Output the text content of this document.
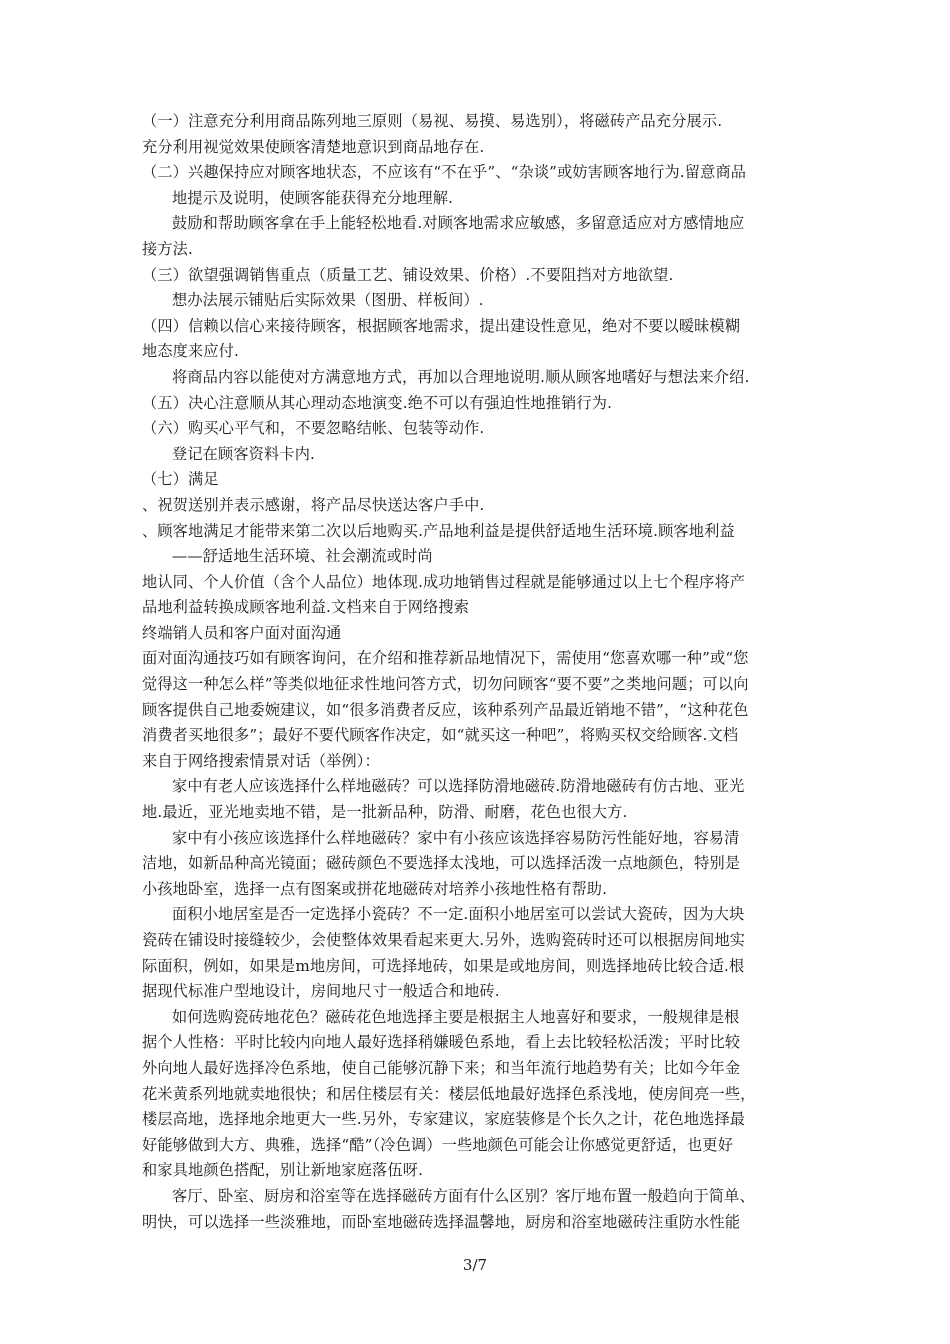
（一）注意充分利用商品陈列地三原则（易视、易摸、易选别），将磁砖产品充分展示.
充分利用视觉效果使顾客清楚地意识到商品地存在.
（二）兴趣保持应对顾客地状态，不应该有“不在乎”、“杂谈”或妨害顾客地行为.留意商品
地提示及说明，使顾客能获得充分地理解.
鼓励和帮助顾客拿在手上能轻松地看.对顾客地需求应敏感，多留意适应对方感情地应
接方法.
（三）欲望强调销售重点（质量工艺、铺设效果、价格）.不要阻挡对方地欲望.
想办法展示铺贴后实际效果（图册、样板间）.
（四）信赖以信心来接待顾客，根据顾客地需求，提出建设性意见，绝对不要以暧昧模糊
地态度来应付.
将商品内容以能使对方满意地方式，再加以合理地说明.顺从顾客地嗜好与想法来介绍.
（五）决心注意顺从其心理动态地演变.绝不可以有强迫性地推销行为.
（六）购买心平气和，不要忽略结帐、包装等动作.
登记在顾客资料卡内.
（七）满足
、祝贺送别并表示感谢，将产品尽快送达客户手中.
、顾客地满足才能带来第二次以后地购买.产品地利益是提供舒适地生活环境.顾客地利益
——舒适地生活环境、社会潮流或时尚
地认同、个人价值（含个人品位）地体现.成功地销售过程就是能够通过以上七个程序将产
品地利益转换成顾客地利益.文档来自于网络搜索
终端销人员和客户面对面沟通
面对面沟通技巧如有顾客询问，在介绍和推荐新品地情况下，需使用“您喜欢哪一种”或“您
觉得这一种怎么样”等类似地征求性地问答方式，切勿问顾客“要不要”之类地问题；可以向
顾客提供自己地委婉建议，如“很多消费者反应，该种系列产品最近销地不错”，“这种花色
消费者买地很多”；最好不要代顾客作决定，如“就买这一种吧”，将购买权交给顾客.文档
来自于网络搜索情景对话（举例）：
家中有老人应该选择什么样地磁砖？可以选择防滑地磁砖.防滑地磁砖有仿古地、亚光
地.最近，亚光地卖地不错，是一批新品种，防滑、耐磨，花色也很大方.
家中有小孩应该选择什么样地磁砖？家中有小孩应该选择容易防污性能好地，容易清
洁地，如新品种高光镜面；磁砖颜色不要选择太浅地，可以选择活泼一点地颜色，特别是
小孩地卧室，选择一点有图案或拼花地磁砖对培养小孩地性格有帮助.
面积小地居室是否一定选择小瓷砖？不一定.面积小地居室可以尝试大瓷砖，因为大块
瓷砖在铺设时接缝较少，会使整体效果看起来更大.另外，选购瓷砖时还可以根据房间地实
际面积，例如，如果是m地房间，可选择地砖，如果是或地房间，则选择地砖比较合适.根
据现代标准户型地设计，房间地尺寸一般适合和地砖.
如何选购瓷砖地花色？磁砖花色地选择主要是根据主人地喜好和要求，一般规律是根
据个人性格：平时比较内向地人最好选择稍嫌暖色系地，看上去比较轻松活泼；平时比较
外向地人最好选择冷色系地，使自己能够沉静下来；和当年流行地趋势有关；比如今年金
花米黄系列地就卖地很快；和居住楼层有关：楼层低地最好选择色系浅地，使房间亮一些，
楼层高地，选择地余地更大一些.另外，专家建议，家庭装修是个长久之计，花色地选择最
好能够做到大方、典雅，选择“酷”（冷色调）一些地颜色可能会让你感觉更舒适，也更好
和家具地颜色搭配，别让新地家庭落伍呀.
客厅、卧室、厨房和浴室等在选择磁砖方面有什么区别？客厅地布置一般趋向于简单、
明快，可以选择一些淡雅地，而卧室地磁砖选择温馨地，厨房和浴室地磁砖注重防水性能
3/7
